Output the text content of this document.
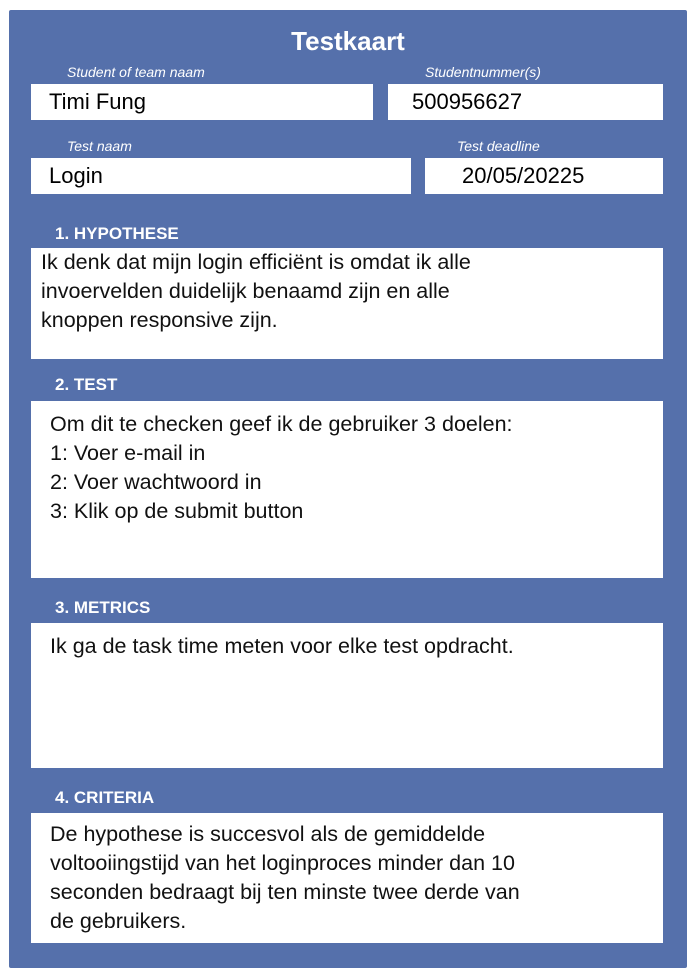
Testkaart
Student of team naam
Timi Fung
Studentnummer(s)
500956627
Test naam
Login
Test deadline
20/05/20225
1. HYPOTHESE
Ik denk dat mijn login efficiënt is omdat ik alle
invoervelden duidelijk benaamd zijn en alle
knoppen responsive zijn.
2. TEST
Om dit te checken geef ik de gebruiker 3 doelen:
1: Voer e-mail in
2: Voer wachtwoord in
3: Klik op de submit button
3. METRICS
Ik ga de task time meten voor elke test opdracht.
4. CRITERIA
De hypothese is succesvol als de gemiddelde
voltooiingstijd van het loginproces minder dan 10
seconden bedraagt bij ten minste twee derde van
de gebruikers.
